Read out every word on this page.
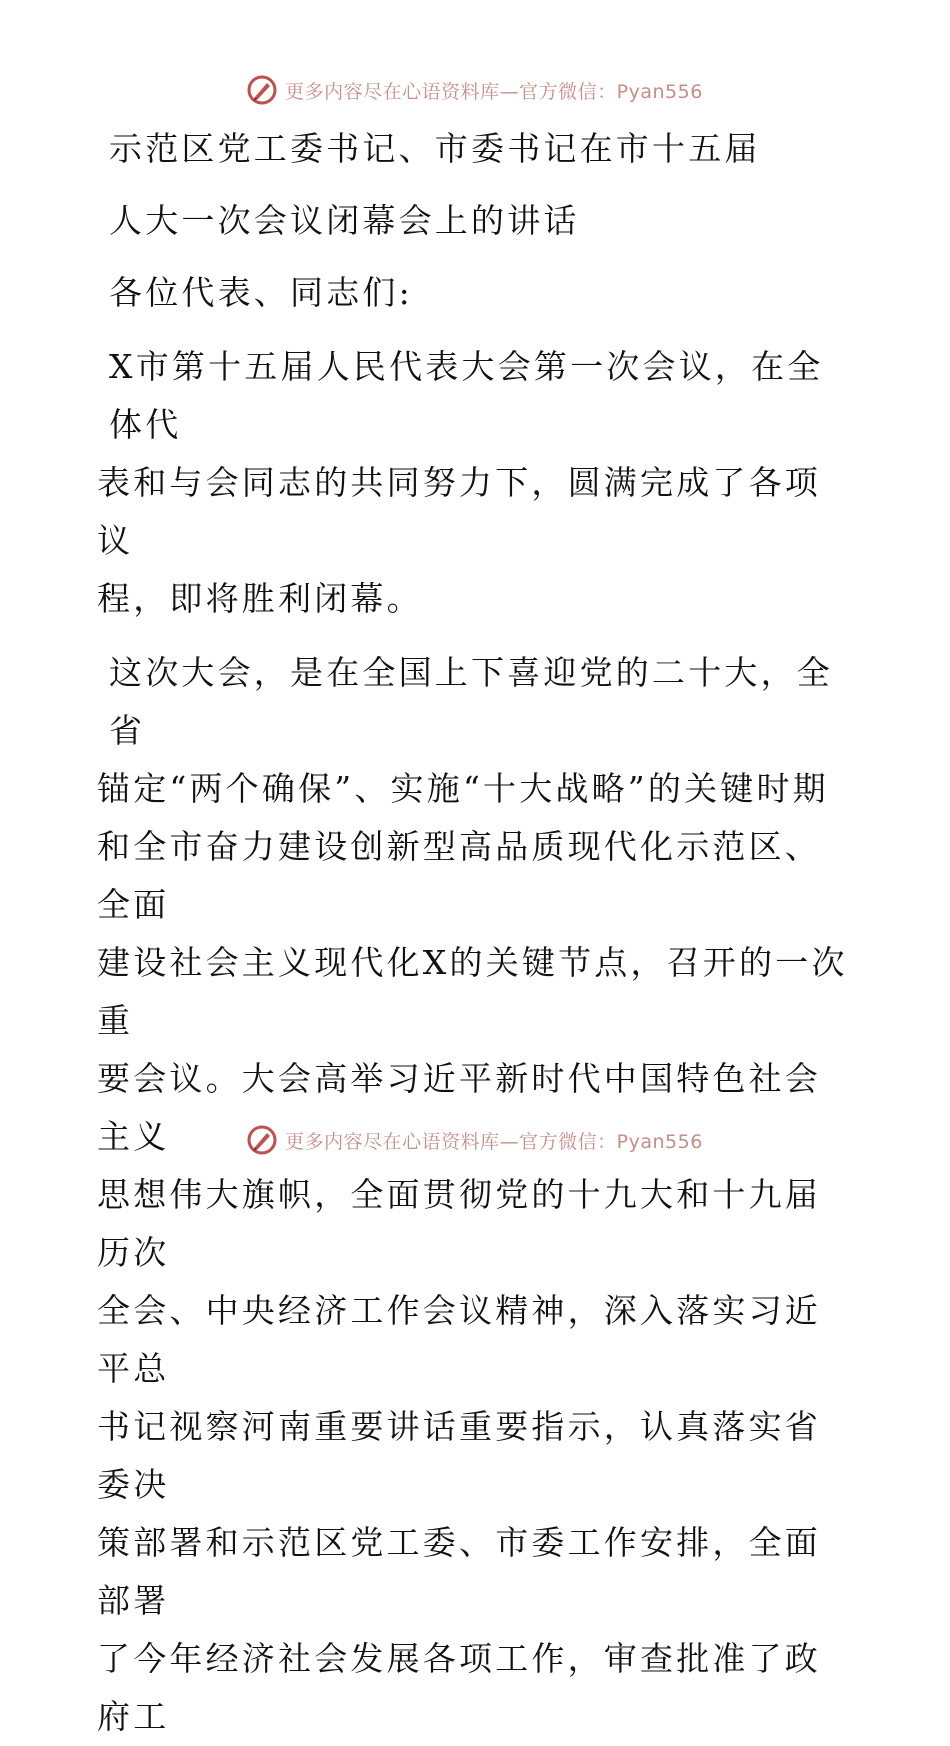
更多内容尽在心语资料库—官方微信：Pyan556

示范区党工委书记、市委书记在市十五届

人大一次会议闭幕会上的讲话

各位代表、同志们:

X市第十五届人民代表大会第一次会议，在全体代

表和与会同志的共同努力下，圆满完成了各项议

程，即将胜利闭幕。

这次大会，是在全国上下喜迎党的二十大，全省

锚定“两个确保”、实施“十大战略”的关键时期

和全市奋力建设创新型高品质现代化示范区、全面

建设社会主义现代化X的关键节点，召开的一次重

要会议。大会高举习近平新时代中国特色社会主义

思想伟大旗帜，全面贯彻党的十九大和十九届历次

全会、中央经济工作会议精神，深入落实习近平总

书记视察河南重要讲话重要指示，认真落实省委决

策部署和示范区党工委、市委工作安排，全面部署

了今年经济社会发展各项工作，审查批准了政府工

更多内容尽在心语资料库—官方微信：Pyan556
